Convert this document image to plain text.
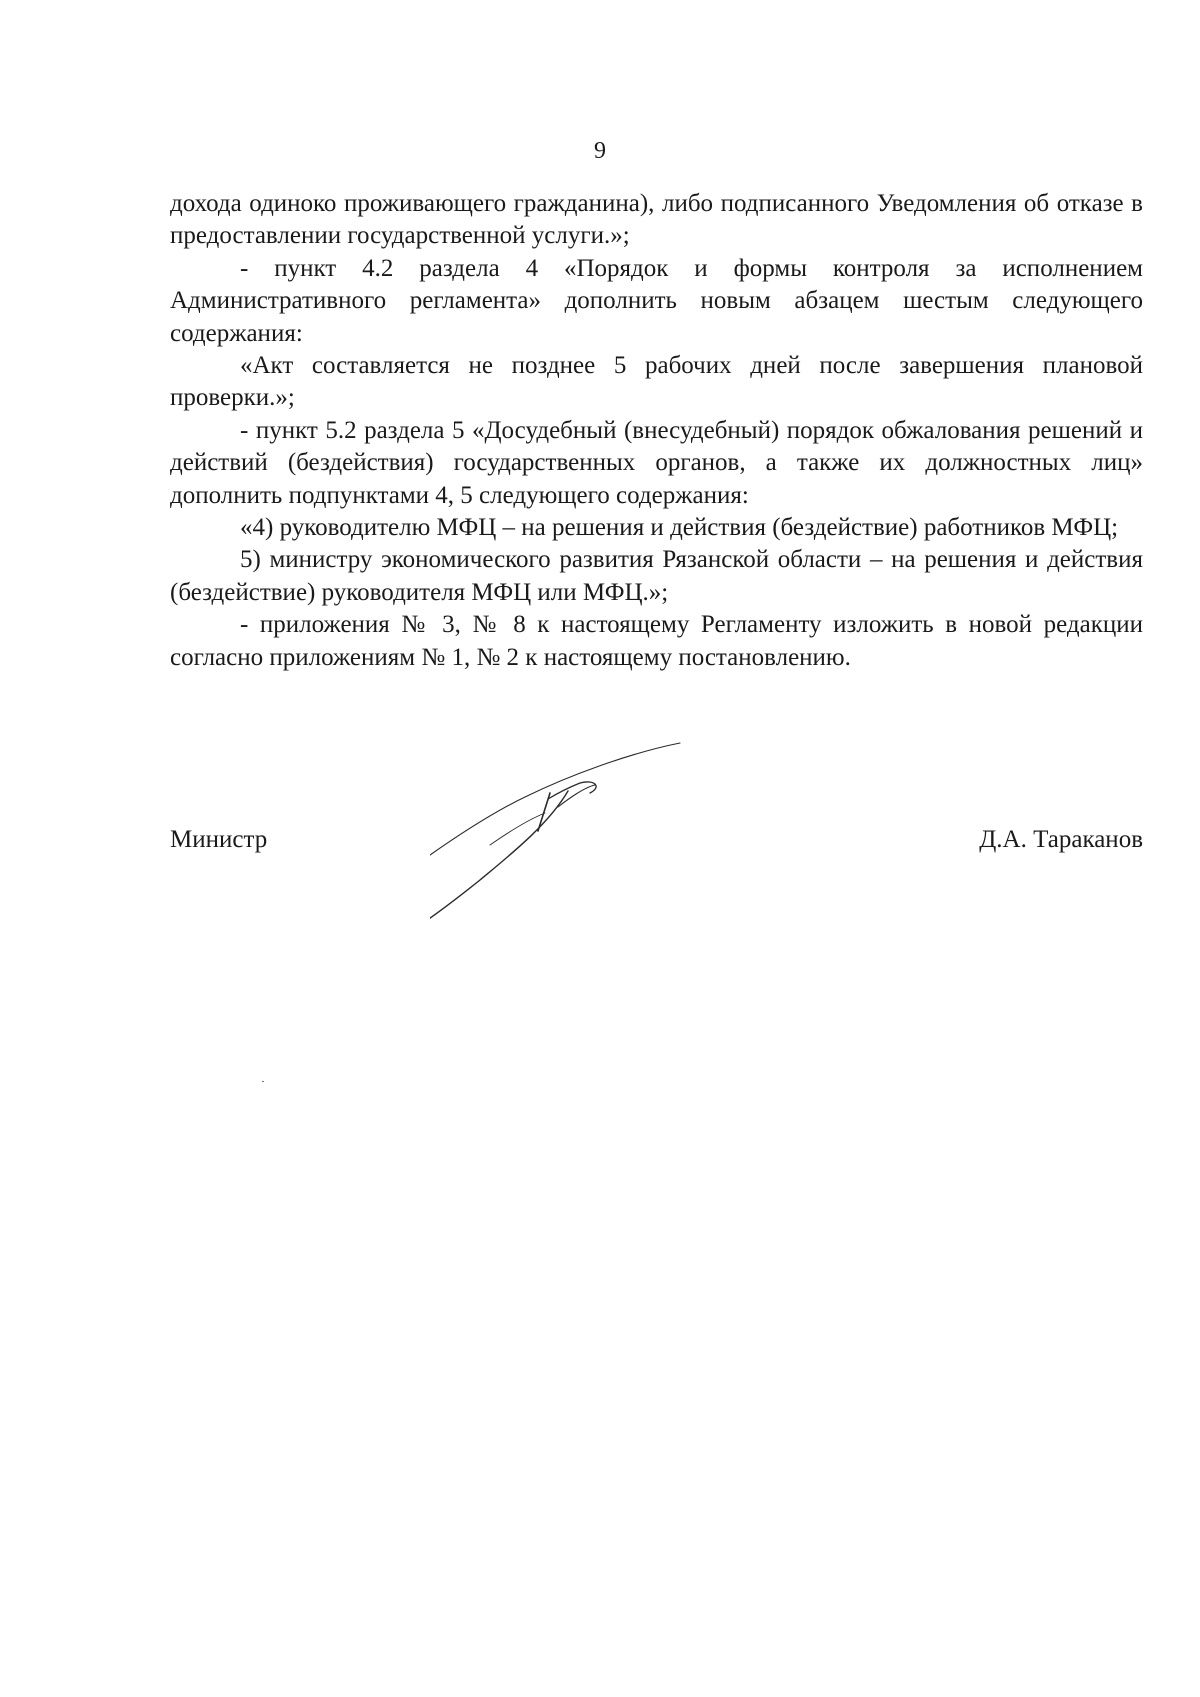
9

дохода одиноко проживающего гражданина), либо подписанного Уведомления об отказе в предоставлении государственной услуги.»;

- пункт 4.2 раздела 4 «Порядок и формы контроля за исполнением Административного регламента» дополнить новым абзацем шестым следующего содержания:

«Акт составляется не позднее 5 рабочих дней после завершения плановой проверки.»;

- пункт 5.2 раздела 5 «Досудебный (внесудебный) порядок обжалования решений и действий (бездействия) государственных органов, а также их должностных лиц» дополнить подпунктами 4, 5 следующего содержания:

«4) руководителю МФЦ – на решения и действия (бездействие) работников МФЦ;

5) министру экономического развития Рязанской области – на решения и действия (бездействие) руководителя МФЦ или МФЦ.»;

- приложения № 3, № 8 к настоящему Регламенту изложить в новой редакции согласно приложениям № 1, № 2 к настоящему постановлению.

Министр	Д.А. Тараканов
